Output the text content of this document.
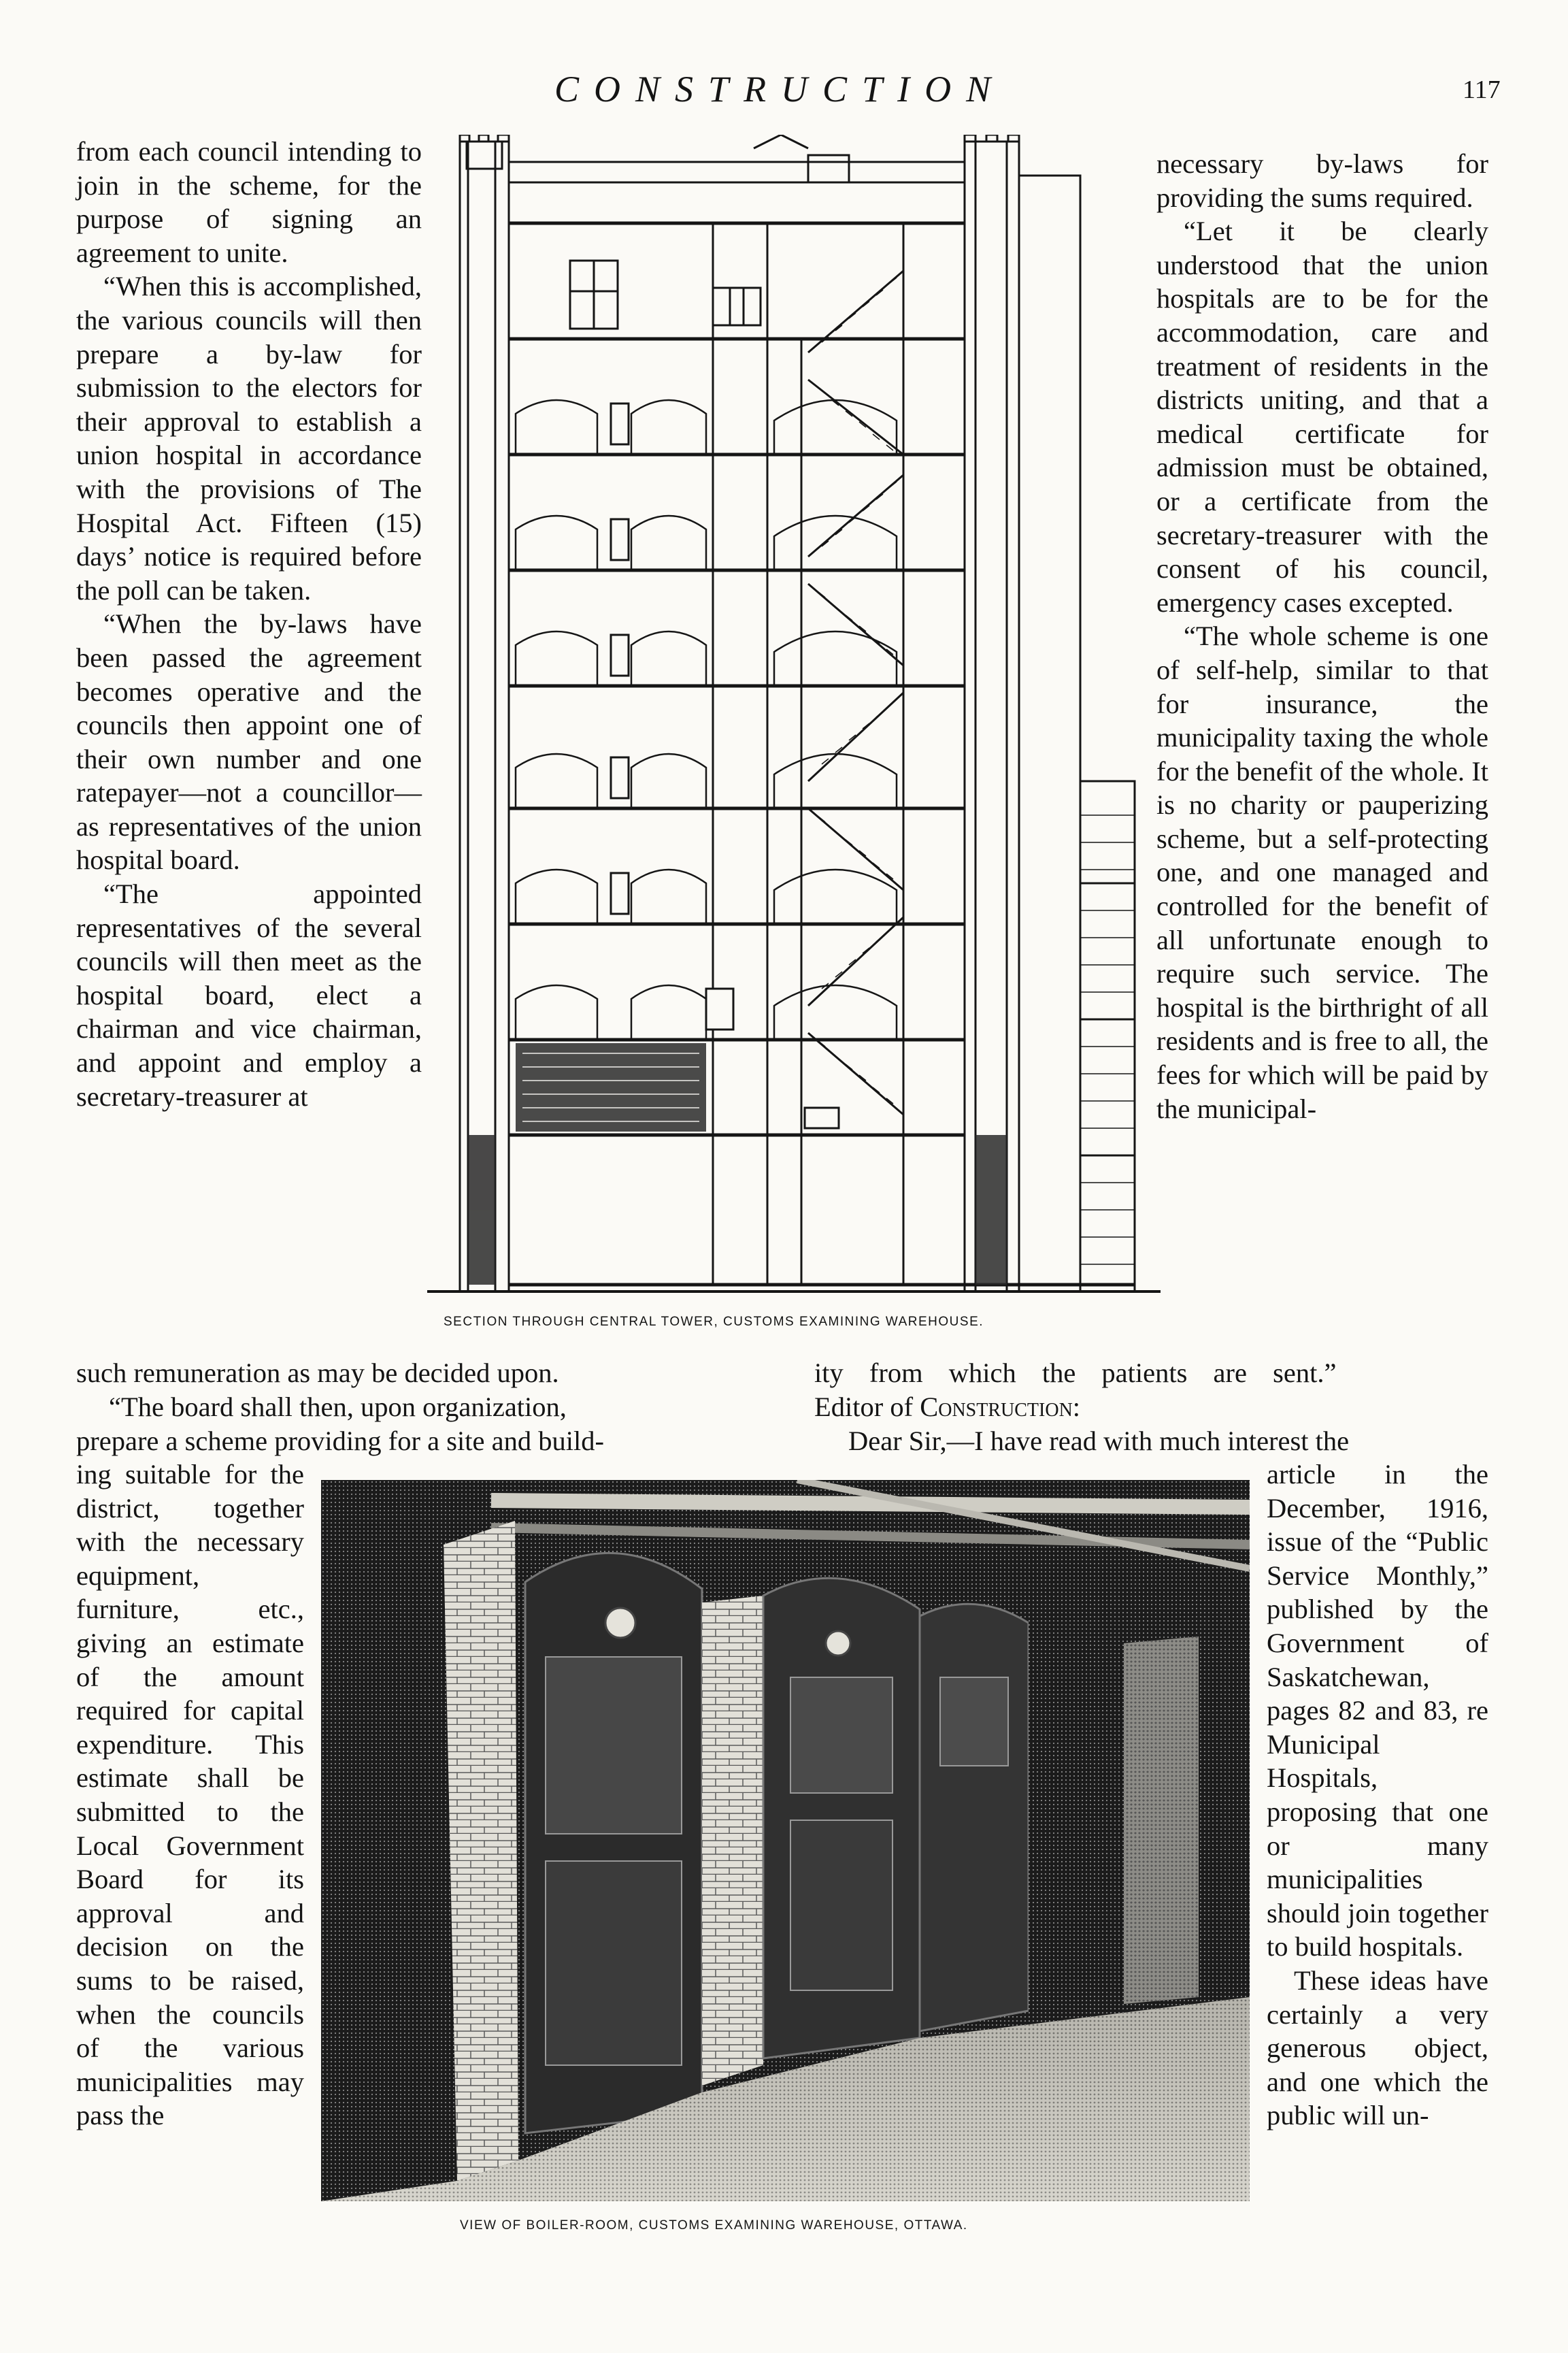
CONSTRUCTION	117

from each council intending to join in the scheme, for the purpose of signing an agreement to unite.

“When this is accomplished, the various councils will then prepare a by-law for submission to the electors for their approval to establish a union hospital in accordance with the provisions of The Hospital Act. Fifteen (15) days’ notice is required before the poll can be taken.

“When the by-laws have been passed the agreement becomes operative and the councils then appoint one of their own number and one ratepayer—not a councillor—as representatives of the union hospital board.

“The appointed representatives of the several councils will then meet as the hospital board, elect a chairman and vice chairman, and appoint and employ a secretary-treasurer at

SECTION THROUGH CENTRAL TOWER, CUSTOMS EXAMINING WAREHOUSE.

necessary by-laws for providing the sums required.

“Let it be clearly understood that the union hospitals are to be for the accommodation, care and treatment of residents in the districts uniting, and that a medical certificate for admission must be obtained, or a certificate from the secretary-treasurer with the consent of his council, emergency cases excepted.

“The whole scheme is one of self-help, similar to that for insurance, the municipality taxing the whole for the benefit of the whole. It is no charity or pauperizing scheme, but a self-protecting one, and one managed and controlled for the benefit of all unfortunate enough to require such service. The hospital is the birthright of all residents and is free to all, the fees for which will be paid by the municipal-

such remuneration as may be decided upon.	ity from which the patients are sent.”
“The board shall then, upon organization,	Editor of Construction:
prepare a scheme providing for a site and build-	Dear Sir,—I have read with much interest the

ing suitable for the district, together with the necessary equipment, furniture, etc., giving an estimate of the amount required for capital expenditure. This estimate shall be submitted to the Local Government Board for its approval and decision on the sums to be raised, when the councils of the various municipalities may pass the

VIEW OF BOILER-ROOM, CUSTOMS EXAMINING WAREHOUSE, OTTAWA.

article in the December, 1916, issue of the “Public Service Monthly,” published by the Government of Saskatchewan, pages 82 and 83, re Municipal Hospitals, proposing that one or many municipalities should join together to build hospitals.

These ideas have certainly a very generous object, and one which the public will un-
